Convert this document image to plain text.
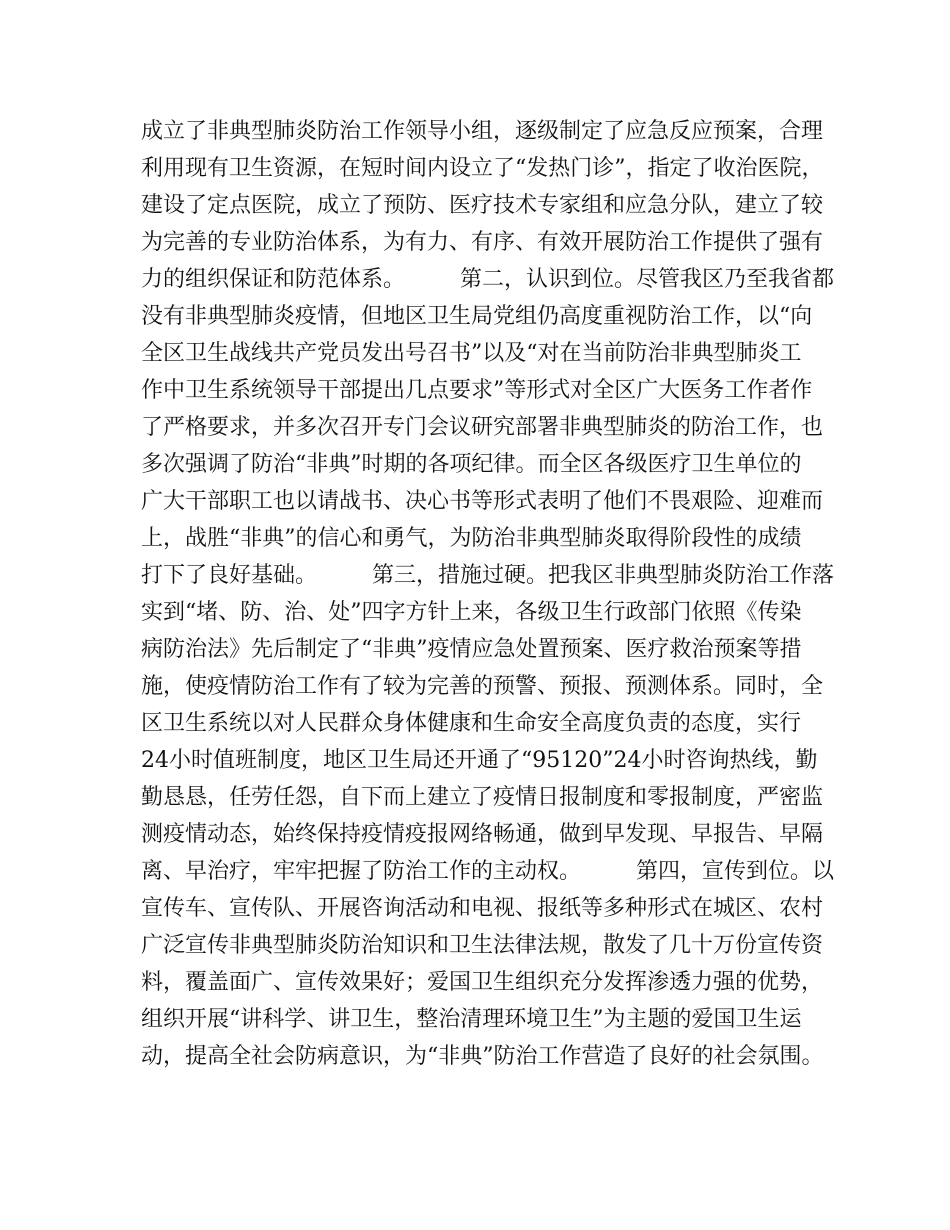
成立了非典型肺炎防治工作领导小组，逐级制定了应急反应预案，合理
利用现有卫生资源，在短时间内设立了“发热门诊”，指定了收治医院，
建设了定点医院，成立了预防、医疗技术专家组和应急分队，建立了较
为完善的专业防治体系，为有力、有序、有效开展防治工作提供了强有
力的组织保证和防范体系。　　　第二，认识到位。尽管我区乃至我省都
没有非典型肺炎疫情，但地区卫生局党组仍高度重视防治工作，以“向
全区卫生战线共产党员发出号召书”以及“对在当前防治非典型肺炎工
作中卫生系统领导干部提出几点要求”等形式对全区广大医务工作者作
了严格要求，并多次召开专门会议研究部署非典型肺炎的防治工作，也
多次强调了防治“非典”时期的各项纪律。而全区各级医疗卫生单位的
广大干部职工也以请战书、决心书等形式表明了他们不畏艰险、迎难而
上，战胜“非典”的信心和勇气，为防治非典型肺炎取得阶段性的成绩
打下了良好基础。　　　第三，措施过硬。把我区非典型肺炎防治工作落
实到“堵、防、治、处”四字方针上来，各级卫生行政部门依照《传染
病防治法》先后制定了“非典”疫情应急处置预案、医疗救治预案等措
施，使疫情防治工作有了较为完善的预警、预报、预测体系。同时，全
区卫生系统以对人民群众身体健康和生命安全高度负责的态度，实行
24小时值班制度，地区卫生局还开通了“95120”24小时咨询热线，勤
勤恳恳，任劳任怨，自下而上建立了疫情日报制度和零报制度，严密监
测疫情动态，始终保持疫情疫报网络畅通，做到早发现、早报告、早隔
离、早治疗，牢牢把握了防治工作的主动权。　　　第四，宣传到位。以
宣传车、宣传队、开展咨询活动和电视、报纸等多种形式在城区、农村
广泛宣传非典型肺炎防治知识和卫生法律法规，散发了几十万份宣传资
料，覆盖面广、宣传效果好；爱国卫生组织充分发挥渗透力强的优势，
组织开展“讲科学、讲卫生，整治清理环境卫生”为主题的爱国卫生运
动，提高全社会防病意识，为“非典”防治工作营造了良好的社会氛围。
